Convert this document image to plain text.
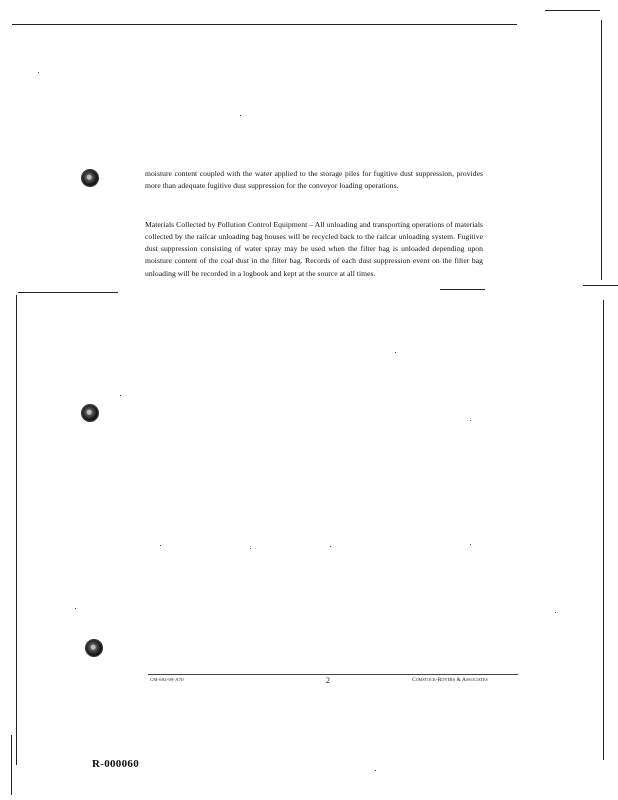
moisture content coupled with the water applied to the storage piles for fugitive dust suppression, provides more than adequate fugitive dust suppression for the conveyor loading operations.

Materials Collected by Pollution Control Equipment – All unloading and transporting operations of materials collected by the railcar unloading bag houses will be recycled back to the railcar unloading system. Fugitive dust suppression consisting of water spray may be used when the filter bag is unloaded depending upon moisture content of the coal dust in the filter bag. Records of each dust suppression event on the filter bag unloading will be recorded in a logbook and kept at the source at all times.

CM-602-09-A70	2	Comstock-Rovers & Associates
R-000060
